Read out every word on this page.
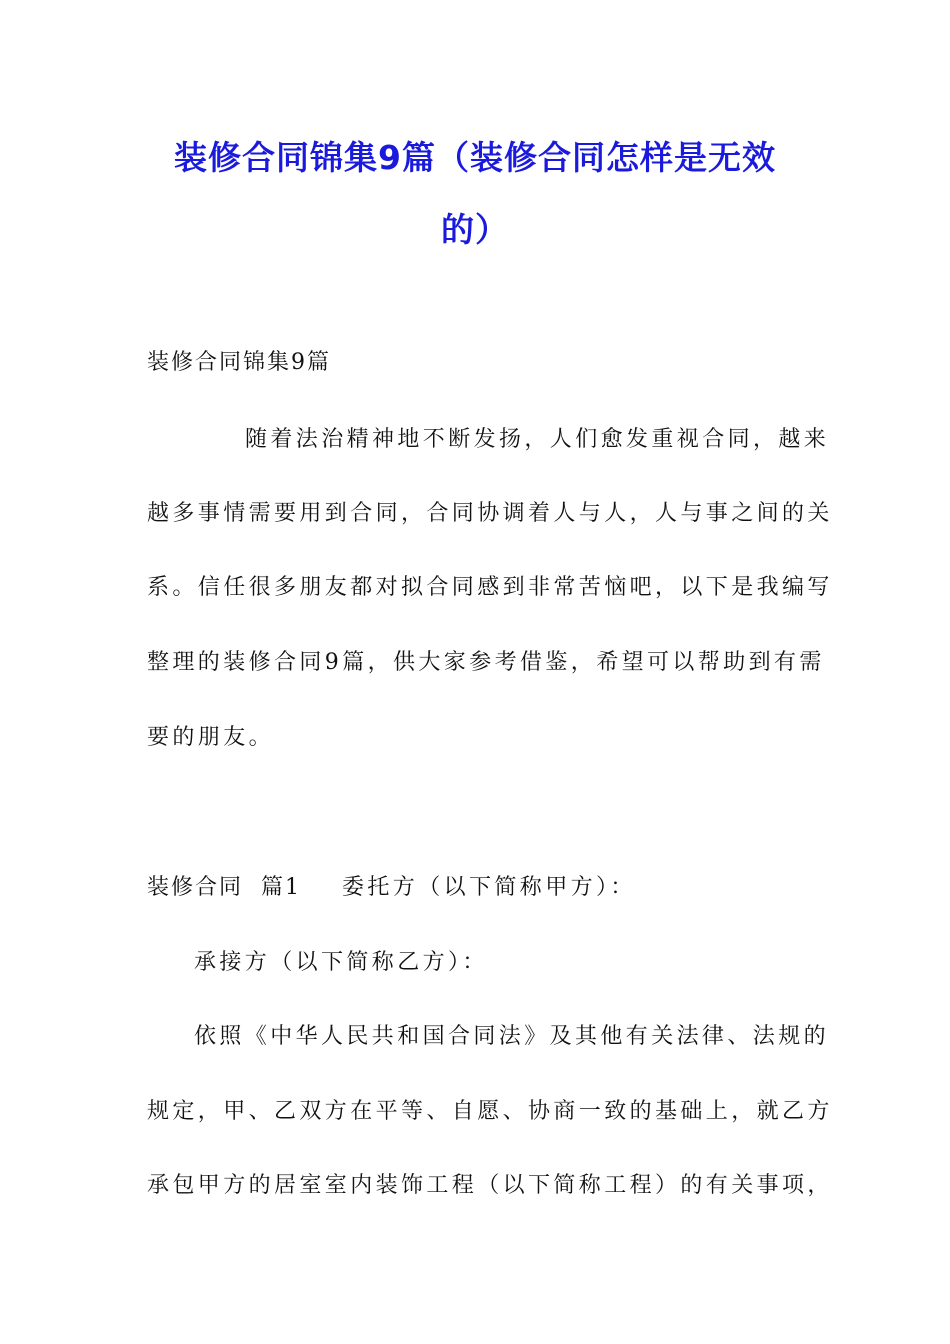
装修合同锦集9篇（装修合同怎样是无效
的）

装修合同锦集9篇

随着法治精神地不断发扬，人们愈发重视合同，越来

越多事情需要用到合同，合同协调着人与人，人与事之间的关

系。信任很多朋友都对拟合同感到非常苦恼吧，以下是我编写

整理的装修合同9篇，供大家参考借鉴，希望可以帮助到有需

要的朋友。

装修合同  篇1 委托方（以下简称甲方）：

承接方（以下简称乙方）：

依照《中华人民共和国合同法》及其他有关法律、法规的

规定，甲、乙双方在平等、自愿、协商一致的基础上，就乙方

承包甲方的居室室内装饰工程（以下简称工程）的有关事项，
